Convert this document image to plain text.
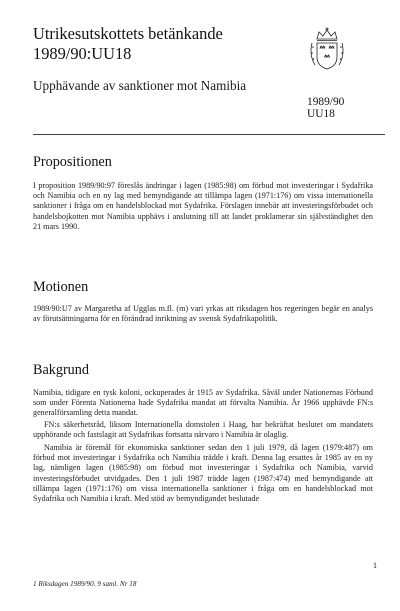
Utrikesutskottets betänkande
1989/90:UU18
Upphävande av sanktioner mot Namibia
1989/90
UU18
Propositionen

I proposition 1989/90:97 föreslås ändringar i lagen (1985:98) om förbud mot investeringar i Sydafrika och Namibia och en ny lag med bemyndigande att tillämpa lagen (1971:176) om vissa internationella sanktioner i fråga om en handelsblockad mot Sydafrika. Förslagen innebär att investeringsförbudet och handelsbojkotten mot Namibia upphävs i anslutning till att landet proklamerar sin självständighet den 21 mars 1990.

Motionen

1989/90:U7 av Margaretha af Ugglas m.fl. (m) vari yrkas att riksdagen hos regeringen begär en analys av förutsättningarna för en förändrad inriktning av svensk Sydafrikapolitik.

Bakgrund

Namibia, tidigare en tysk koloni, ockuperades år 1915 av Sydafrika. Såväl under Nationernas Förbund som under Förenta Nationerna hade Sydafrika mandat att förvalta Namibia. År 1966 upphävde FN:s generalförsamling detta mandat.

FN:s säkerhetsråd, liksom Internationella domstolen i Haag, har bekräftat beslutet om mandatets upphörande och fastslagit att Sydafrikas fortsatta närvaro i Namibia är olaglig.

Namibia är föremål för ekonomiska sanktioner sedan den 1 juli 1979, då lagen (1979:487) om förbud mot investeringar i Sydafrika och Namibia trädde i kraft. Denna lag ersattes år 1985 av en ny lag, nämligen lagen (1985:98) om förbud mot investeringar i Sydafrika och Namibia, varvid investeringsförbudet utvidgades. Den 1 juli 1987 trädde lagen (1987:474) med bemyndigande att tillämpa lagen (1971:176) om vissa internationella sanktioner i fråga om en handelsblockad mot Sydafrika och Namibia i kraft. Med stöd av bemyndigandet beslutade

1
1 Riksdagen 1989/90. 9 saml. Nr 18
